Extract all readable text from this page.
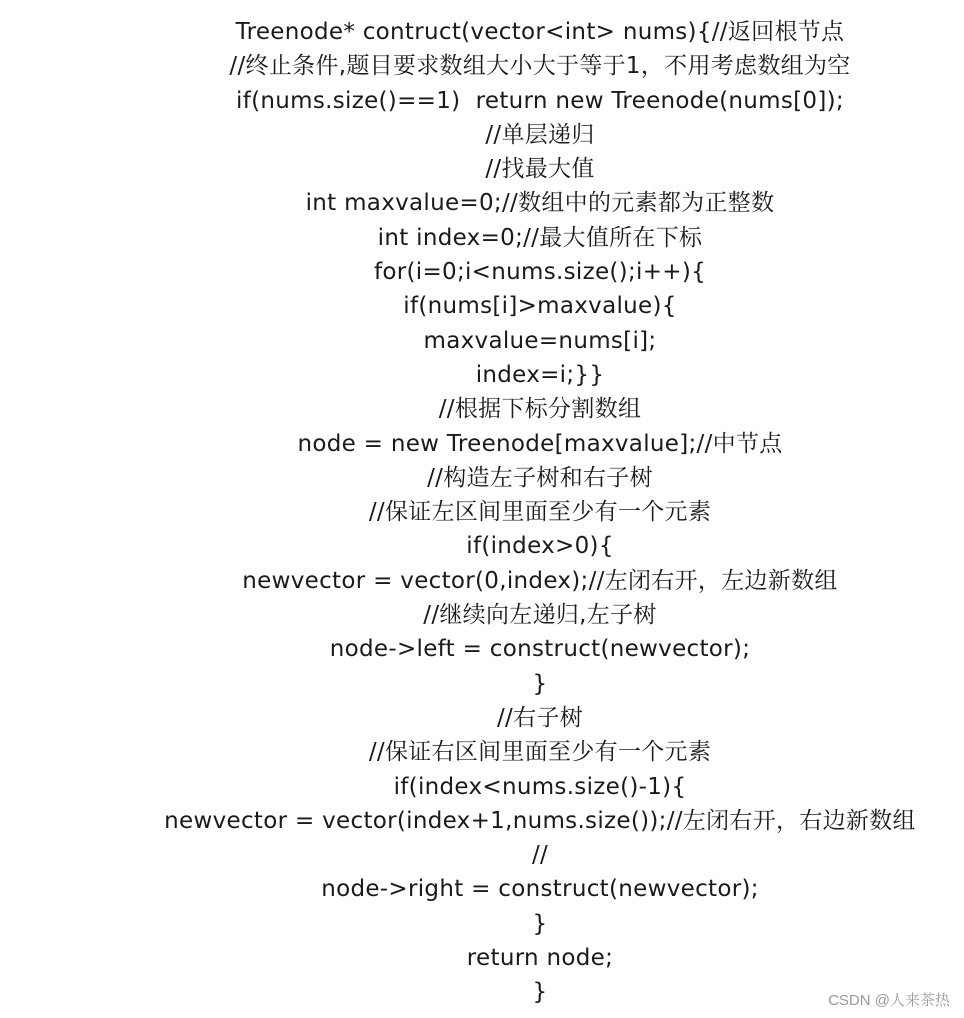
Treenode* contruct(vector<int> nums){//返回根节点
//终止条件,题目要求数组大小大于等于1，不用考虑数组为空
if(nums.size()==1)  return new Treenode(nums[0]);
//单层递归
//找最大值
int maxvalue=0;//数组中的元素都为正整数
int index=0;//最大值所在下标
for(i=0;i<nums.size();i++){
if(nums[i]>maxvalue){
maxvalue=nums[i];
index=i;}}
//根据下标分割数组
node = new Treenode[maxvalue];//中节点
//构造左子树和右子树
//保证左区间里面至少有一个元素
if(index>0){
newvector = vector(0,index);//左闭右开，左边新数组
//继续向左递归,左子树
node->left = construct(newvector);
}
//右子树
//保证右区间里面至少有一个元素
if(index<nums.size()-1){
newvector = vector(index+1,nums.size());//左闭右开，右边新数组
//
node->right = construct(newvector);
}
return node;
}	CSDN @人来茶热
